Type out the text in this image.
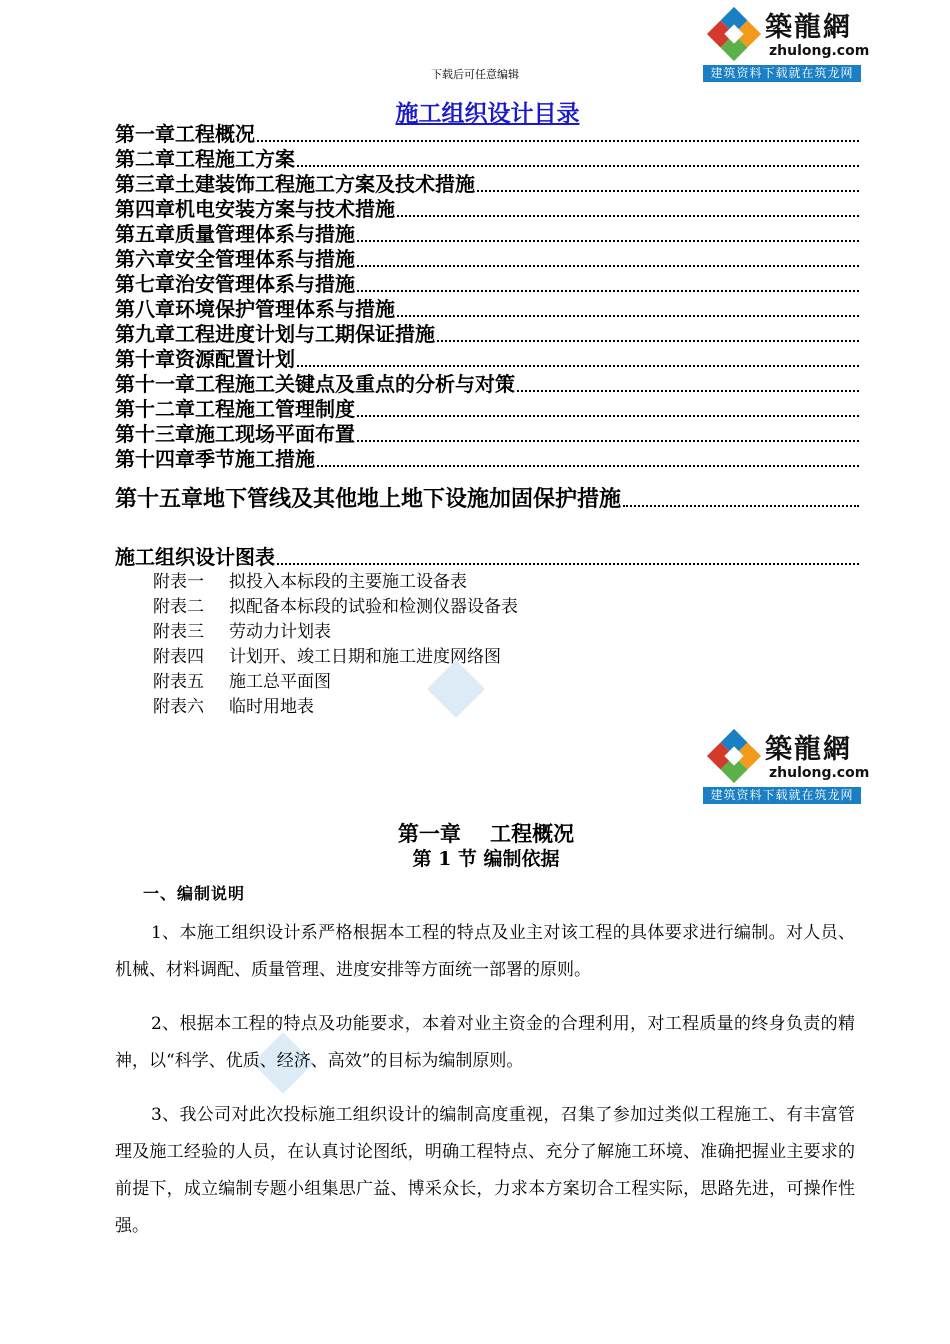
築龍網
zhulong.com
建筑资料下载就在筑龙网
下载后可任意编辑
施工组织设计目录
第一章 工程概况
第二章 工程施工方案
第三章 土建装饰工程施工方案及技术措施
第四章 机电安装方案与技术措施
第五章 质量管理体系与措施
第六章 安全管理体系与措施
第七章 治安管理体系与措施
第八章 环境保护管理体系与措施
第九章 工程进度计划与工期保证措施
第十章 资源配置计划
第十一章 工程施工关键点及重点的分析与对策
第十二章 工程施工管理制度
第十三章 施工现场平面布置
第十四章 季节施工措施
第十五章 地下管线及其他地上地下设施加固保护措施
施工组织设计图表
附表一 拟投入本标段的主要施工设备表
附表二 拟配备本标段的试验和检测仪器设备表
附表三 劳动力计划表
附表四 计划开、竣工日期和施工进度网络图
附表五 施工总平面图
附表六 临时用地表
築龍網
zhulong.com
建筑资料下载就在筑龙网
第一章    工程概况
第 1 节 编制依据
一、编制说明

1、本施工组织设计系严格根据本工程的特点及业主对该工程的具体要求进行编制。对人员、机械、材料调配、质量管理、进度安排等方面统一部署的原则。

2、根据本工程的特点及功能要求，本着对业主资金的合理利用，对工程质量的终身负责的精神，以“科学、优质、经济、高效”的目标为编制原则。

3、我公司对此次投标施工组织设计的编制高度重视，召集了参加过类似工程施工、有丰富管理及施工经验的人员，在认真讨论图纸，明确工程特点、充分了解施工环境、准确把握业主要求的前提下，成立编制专题小组集思广益、博采众长，力求本方案切合工程实际，思路先进，可操作性强。
